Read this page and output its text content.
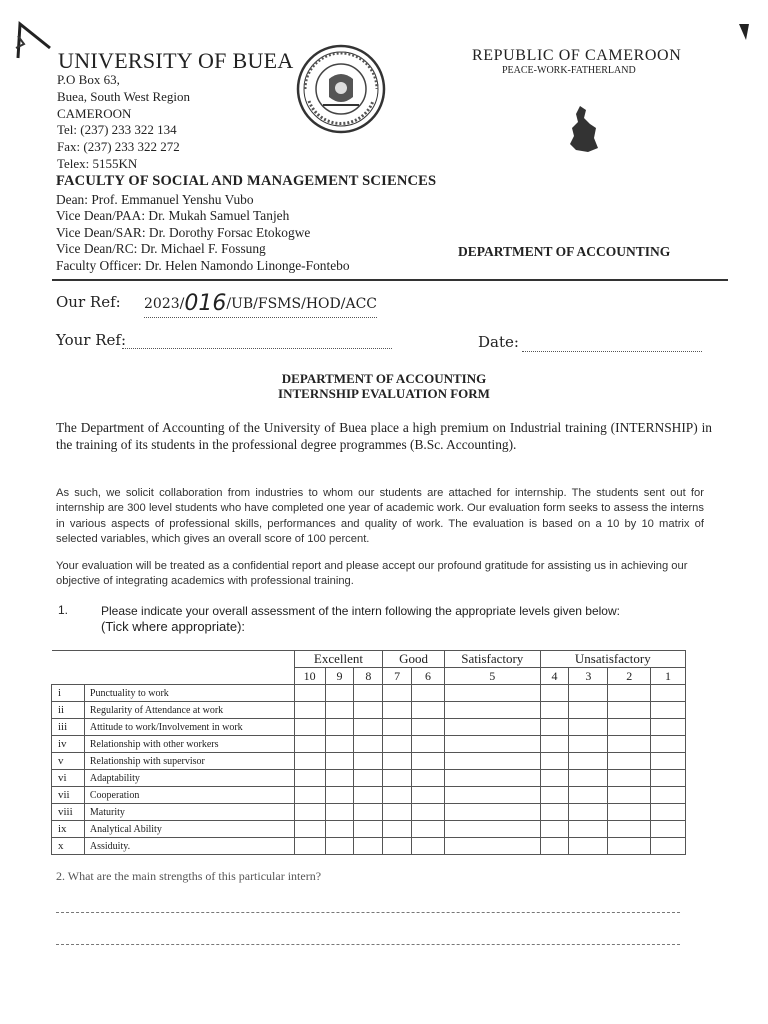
UNIVERSITY OF BUEA
P.O Box 63,
Buea, South West Region
CAMEROON
Tel: (237) 233 322 134
Fax: (237) 233 322 272
Telex: 5155KN
FACULTY OF SOCIAL AND MANAGEMENT SCIENCES
Dean: Prof. Emmanuel Yenshu Vubo
Vice Dean/PAA: Dr. Mukah Samuel Tanjeh
Vice Dean/SAR: Dr. Dorothy Forsac Etokogwe
Vice Dean/RC: Dr. Michael F. Fossung
Faculty Officer: Dr. Helen Namondo Linonge-Fontebo
REPUBLIC OF CAMEROON
PEACE-WORK-FATHERLAND
DEPARTMENT OF ACCOUNTING
Our Ref: 2023/016/UB/FSMS/HOD/ACC
Your Ref:	Date:
DEPARTMENT OF ACCOUNTING
INTERNSHIP EVALUATION FORM
The Department of Accounting of the University of Buea place a high premium on Industrial training (INTERNSHIP) in the training of its students in the professional degree programmes (B.Sc. Accounting).
As such, we solicit collaboration from industries to whom our students are attached for internship. The students sent out for internship are 300 level students who have completed one year of academic work. Our evaluation form seeks to assess the interns in various aspects of professional skills, performances and quality of work. The evaluation is based on a 10 by 10 matrix of selected variables, which gives an overall score of 100 percent.
Your evaluation will be treated as a confidential report and please accept our profound gratitude for assisting us in achieving our objective of integrating academics with professional training.
1.	Please indicate your overall assessment of the intern following the appropriate levels given below:
(Tick where appropriate):
		Excellent			Good		Satisfactory	Unsatisfactory			
		10	9	8	7	6	5	4	3	2	1
i	Punctuality to work										
ii	Regularity of Attendance at work										
iii	Attitude to work/Involvement in work										
iv	Relationship with other workers										
v	Relationship with supervisor										
vi	Adaptability										
vii	Cooperation										
viii	Maturity										
ix	Analytical Ability										
x	Assiduity.										
2. What are the main strengths of this particular intern?
